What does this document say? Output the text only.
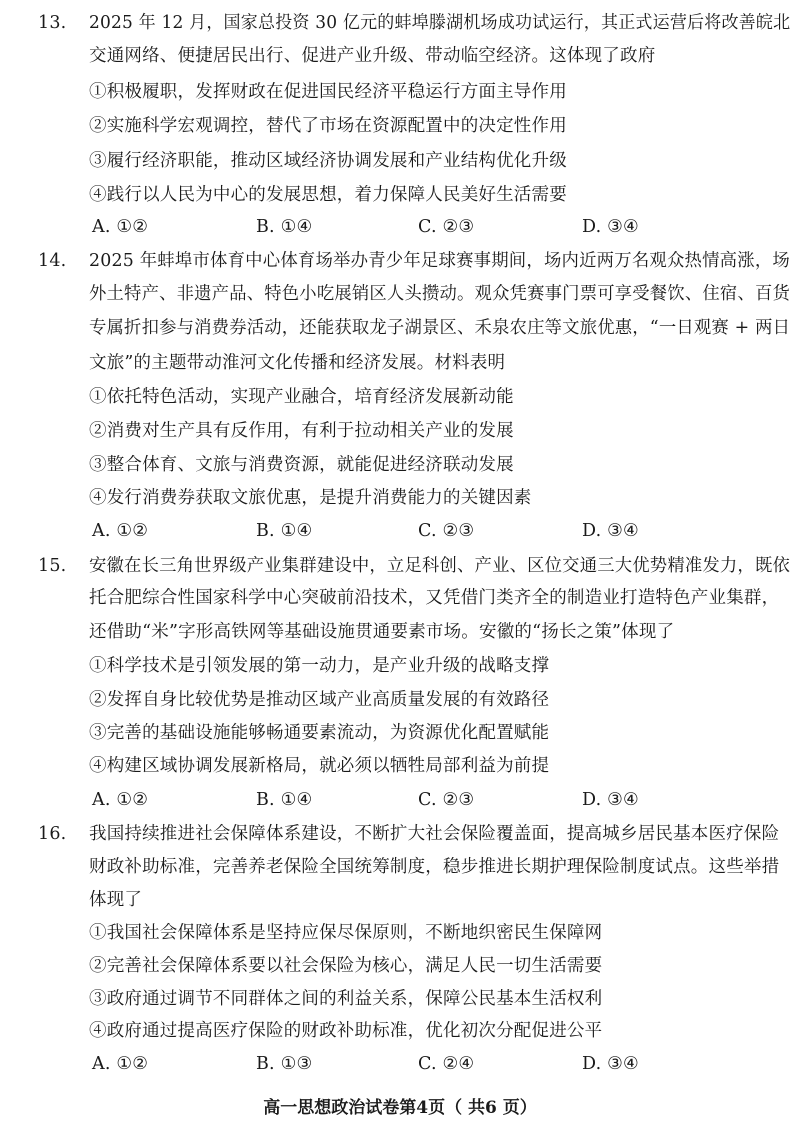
13. 2025 年 12 月，国家总投资 30 亿元的蚌埠滕湖机场成功试运行，其正式运营后将改善皖北
交通网络、便捷居民出行、促进产业升级、带动临空经济。这体现了政府
①积极履职，发挥财政在促进国民经济平稳运行方面主导作用
②实施科学宏观调控，替代了市场在资源配置中的决定性作用
③履行经济职能，推动区域经济协调发展和产业结构优化升级
④践行以人民为中心的发展思想，着力保障人民美好生活需要
A. ①②	B. ①④	C. ②③	D. ③④
14. 2025 年蚌埠市体育中心体育场举办青少年足球赛事期间，场内近两万名观众热情高涨，场
外土特产、非遗产品、特色小吃展销区人头攒动。观众凭赛事门票可享受餐饮、住宿、百货
专属折扣参与消费券活动，还能获取龙子湖景区、禾泉农庄等文旅优惠，“一日观赛 + 两日
文旅”的主题带动淮河文化传播和经济发展。材料表明
①依托特色活动，实现产业融合，培育经济发展新动能
②消费对生产具有反作用，有利于拉动相关产业的发展
③整合体育、文旅与消费资源，就能促进经济联动发展
④发行消费券获取文旅优惠，是提升消费能力的关键因素
A. ①②	B. ①④	C. ②③	D. ③④
15. 安徽在长三角世界级产业集群建设中，立足科创、产业、区位交通三大优势精准发力，既依
托合肥综合性国家科学中心突破前沿技术，又凭借门类齐全的制造业打造特色产业集群，
还借助“米”字形高铁网等基础设施贯通要素市场。安徽的“扬长之策”体现了
①科学技术是引领发展的第一动力，是产业升级的战略支撑
②发挥自身比较优势是推动区域产业高质量发展的有效路径
③完善的基础设施能够畅通要素流动，为资源优化配置赋能
④构建区域协调发展新格局，就必须以牺牲局部利益为前提
A. ①②	B. ①④	C. ②③	D. ③④
16. 我国持续推进社会保障体系建设，不断扩大社会保险覆盖面，提高城乡居民基本医疗保险
财政补助标准，完善养老保险全国统筹制度，稳步推进长期护理保险制度试点。这些举措
体现了
①我国社会保障体系是坚持应保尽保原则，不断地织密民生保障网
②完善社会保障体系要以社会保险为核心，满足人民一切生活需要
③政府通过调节不同群体之间的利益关系，保障公民基本生活权利
④政府通过提高医疗保险的财政补助标准，优化初次分配促进公平
A. ①②	B. ①③	C. ②④	D. ③④
高一思想政治试卷第4页（ 共6 页）
